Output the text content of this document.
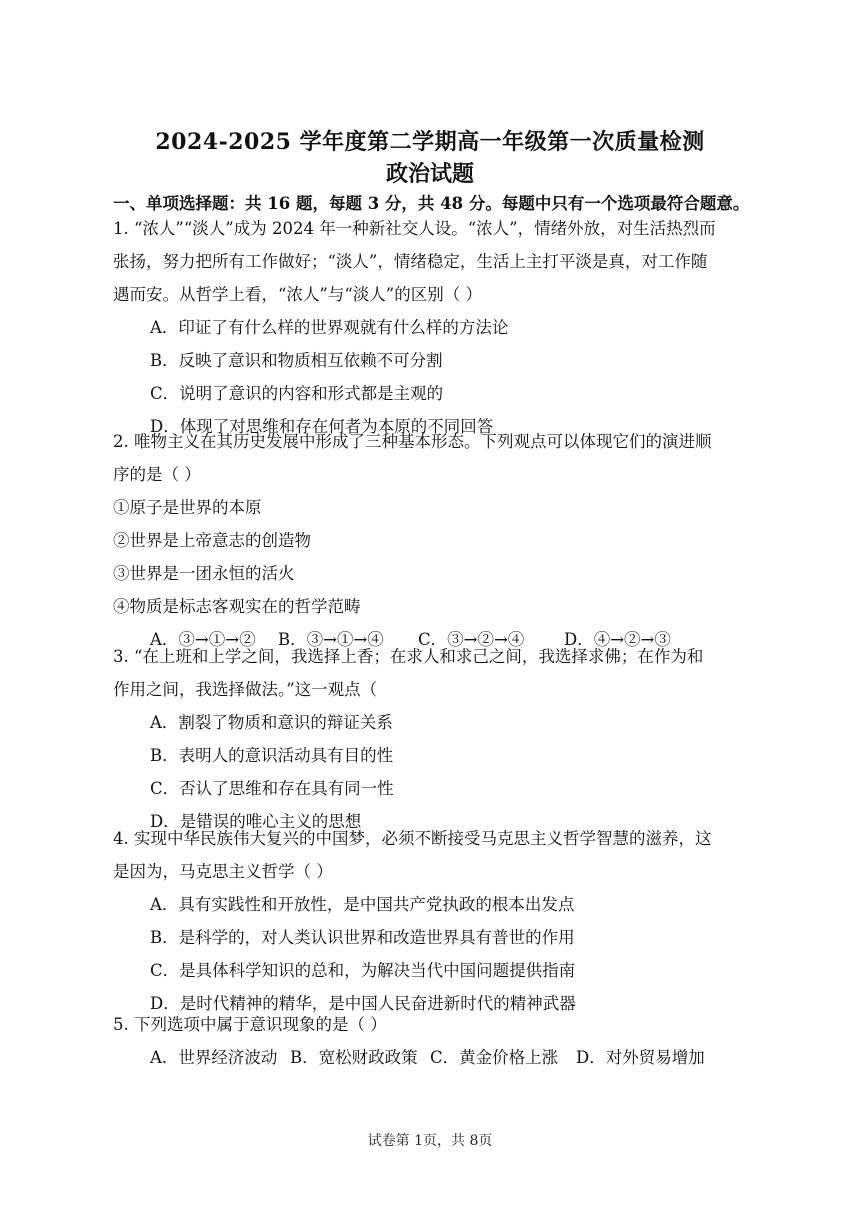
2024-2025 学年度第二学期高一年级第一次质量检测
政治试题
一、单项选择题：共 16 题，每题 3 分，共 48 分。每题中只有一个选项最符合题意。
1. “浓人”“淡人”成为 2024 年一种新社交人设。“浓人”，情绪外放，对生活热烈而
张扬，努力把所有工作做好；“淡人”，情绪稳定，生活上主打平淡是真，对工作随
遇而安。从哲学上看，“浓人”与“淡人”的区别（ ）
A．印证了有什么样的世界观就有什么样的方法论
B．反映了意识和物质相互依赖不可分割
C．说明了意识的内容和形式都是主观的
D．体现了对思维和存在何者为本原的不同回答
2. 唯物主义在其历史发展中形成了三种基本形态。下列观点可以体现它们的演进顺
序的是（ ）
①原子是世界的本原
②世界是上帝意志的创造物
③世界是一团永恒的活火
④物质是标志客观实在的哲学范畴
A．③→①→② B．③→①→④ C．③→②→④ D．④→②→③
3. “在上班和上学之间，我选择上香；在求人和求己之间，我选择求佛；在作为和
作用之间，我选择做法。”这一观点（
A．割裂了物质和意识的辩证关系
B．表明人的意识活动具有目的性
C．否认了思维和存在具有同一性
D．是错误的唯心主义的思想
4. 实现中华民族伟大复兴的中国梦，必须不断接受马克思主义哲学智慧的滋养，这
是因为，马克思主义哲学（ ）
A．具有实践性和开放性，是中国共产党执政的根本出发点
B．是科学的，对人类认识世界和改造世界具有普世的作用
C．是具体科学知识的总和，为解决当代中国问题提供指南
D．是时代精神的精华，是中国人民奋进新时代的精神武器
5. 下列选项中属于意识现象的是（ ）
A．世界经济波动 B．宽松财政政策 C．黄金价格上涨 D．对外贸易增加
试卷第 1页，共 8页
